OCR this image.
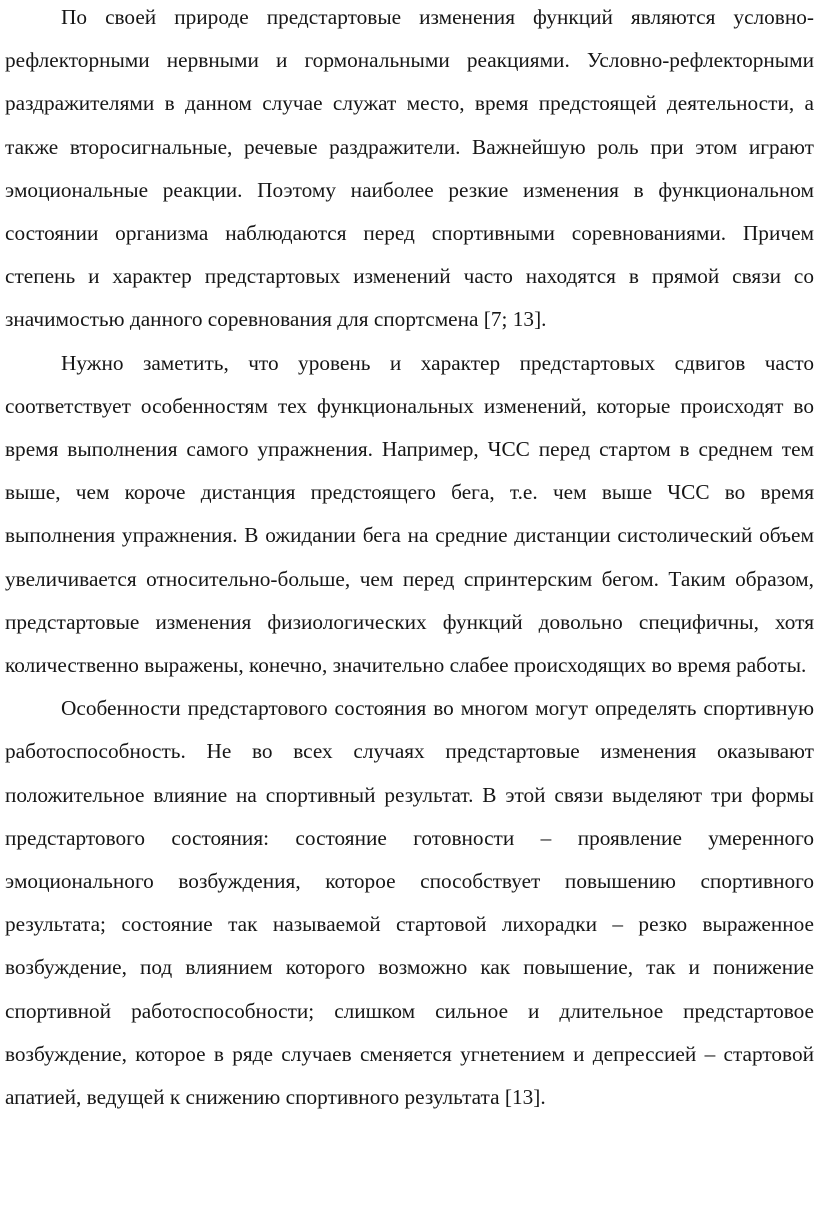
По своей природе предстартовые изменения функций являются условно-рефлекторными нервными и гормональными реакциями. Условно-рефлекторными раздражителями в данном случае служат место, время предстоящей деятельности, а также второсигнальные, речевые раздражители. Важнейшую роль при этом играют эмоциональные реакции. Поэтому наиболее резкие изменения в функциональном состоянии организма наблюдаются перед спортивными соревнованиями. Причем степень и характер предстартовых изменений часто находятся в прямой связи со значимостью данного соревнования для спортсмена [7; 13].

Нужно заметить, что уровень и характер предстартовых сдвигов часто соответствует особенностям тех функциональных изменений, которые происходят во время выполнения самого упражнения. Например, ЧСС перед стартом в среднем тем выше, чем короче дистанция предстоящего бега, т.е. чем выше ЧСС во время выполнения упражнения. В ожидании бега на средние дистанции систолический объем увеличивается относительно-больше, чем перед спринтерским бегом. Таким образом, предстартовые изменения физиологических функций довольно специфичны, хотя количественно выражены, конечно, значительно слабее происходящих во время работы.

Особенности предстартового состояния во многом могут определять спортивную работоспособность. Не во всех случаях предстартовые изменения оказывают положительное влияние на спортивный результат. В этой связи выделяют три формы предстартового состояния: состояние готовности – проявление умеренного эмоционального возбуждения, которое способствует повышению спортивного результата; состояние так называемой стартовой лихорадки – резко выраженное возбуждение, под влиянием которого возможно как повышение, так и понижение спортивной работоспособности; слишком сильное и длительное предстартовое возбуждение, которое в ряде случаев сменяется угнетением и депрессией – стартовой апатией, ведущей к снижению спортивного результата [13].
